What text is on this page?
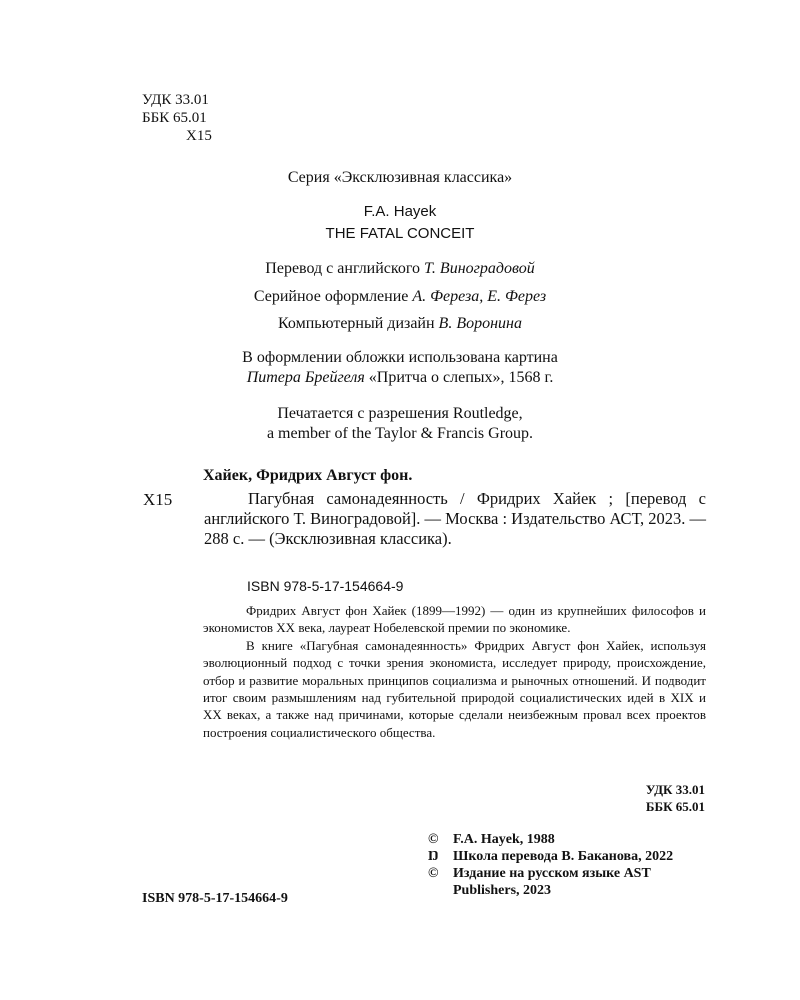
УДК 33.01
ББК 65.01
Х15
Серия «Эксклюзивная классика»
F.A. Hayek
THE FATAL CONCEIT
Перевод с английского Т. Виноградовой
Серийное оформление А. Фереза, Е. Ферез
Компьютерный дизайн В. Воронина
В оформлении обложки использована картина
Питера Брейгеля «Притча о слепых», 1568 г.
Печатается с разрешения Routledge,
a member of the Taylor & Francis Group.
Хайек, Фридрих Август фон.
Х15	Пагубная самонадеянность / Фридрих Хайек ; [перевод с английского Т. Виноградовой]. — Москва : Издательство АСТ, 2023. — 288 с. — (Эксклюзивная классика).
ISBN 978-5-17-154664-9

Фридрих Август фон Хайек (1899—1992) — один из крупнейших философов и экономистов XX века, лауреат Нобелевской премии по экономике.

В книге «Пагубная самонадеянность» Фридрих Август фон Хайек, используя эволюционный подход с точки зрения экономиста, исследует природу, происхождение, отбор и развитие моральных принципов социализма и рыночных отношений. И подводит итог своим размышлениям над губительной природой социалистических идей в XIX и XX веках, а также над причинами, которые сделали неизбежным провал всех проектов построения социалистического общества.

УДК 33.01
ББК 65.01
©	F.A. Hayek, 1988
Ŋ	Школа перевода В. Баканова, 2022
©	Издание на русском языке AST Publishers, 2023
ISBN 978-5-17-154664-9
